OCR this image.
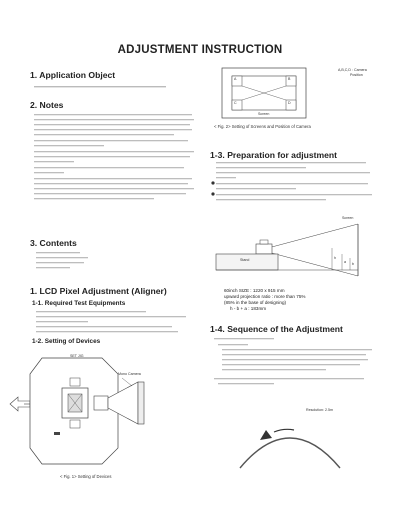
ADJUSTMENT INSTRUCTION
1. Application Object
2. Notes
3. Contents
1. LCD Pixel Adjustment (Aligner)
1-1. Required Test Equipments
1-2. Setting of Devices
SET JIG
Mono Camera
< Fig. 1> Setting of Devices
A	B
C	D
Screen
A,B,C,D : Camera
Position
< Fig. 2> Setting of Screens and Position of Camera
1-3. Preparation for adjustment
Screen
Stand	h
a b
60inch SIZE : 1220 x 915 mm
upward projection ratio : more than 75%
(85% in the base of designing)
h - b + a : 183mm
1-4. Sequence of the Adjustment
Resolution: 2.5m
